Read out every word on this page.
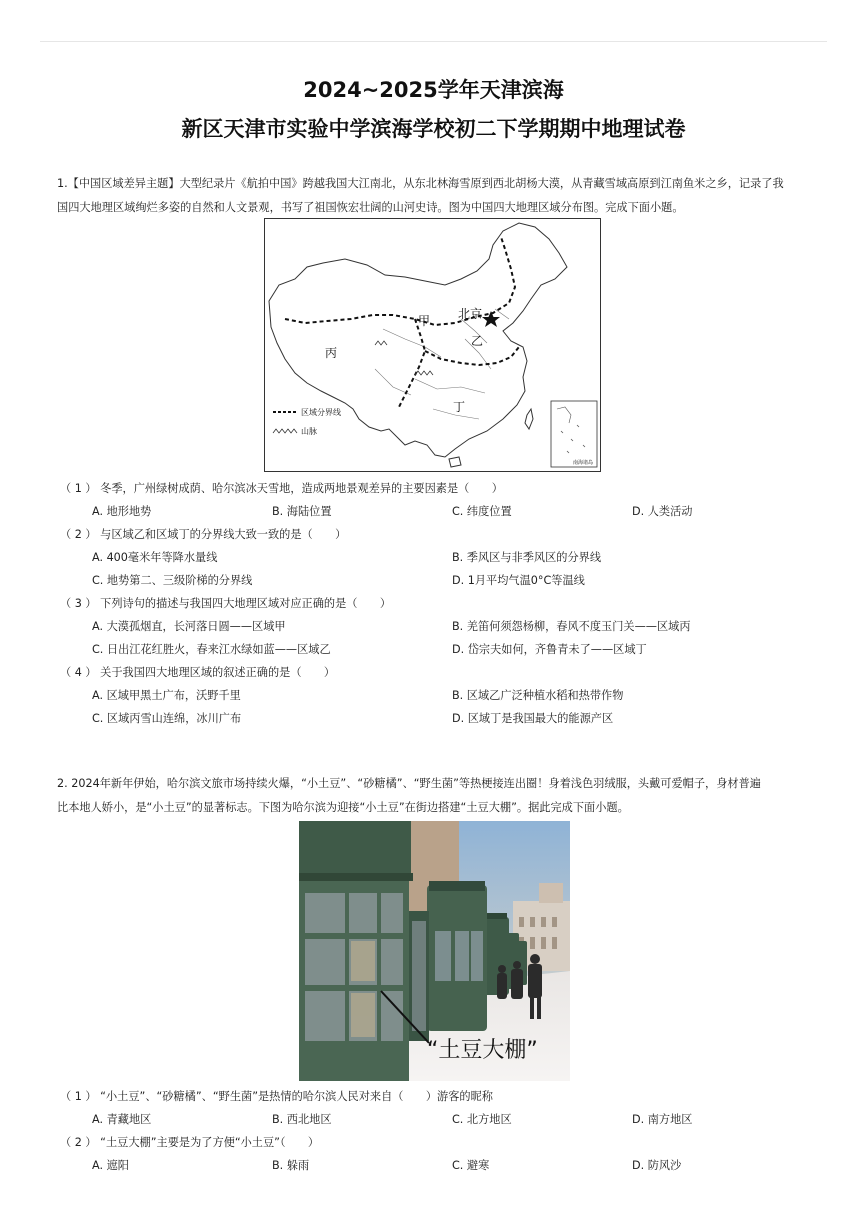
2024~2025学年天津滨海
新区天津市实验中学滨海学校初二下学期期中地理试卷
1.【中国区域差异主题】大型纪录片《航拍中国》跨越我国大江南北，从东北林海雪原到西北胡杨大漠，从青藏雪域高原到江南鱼米之乡，记录了我
国四大地理区域绚烂多姿的自然和人文景观，书写了祖国恢宏壮阔的山河史诗。图为中国四大地理区域分布图。完成下面小题。
甲 北京
乙
丙
丁
区域分界线
山脉
南海诸岛
（ 1 ） 冬季，广州绿树成荫、哈尔滨冰天雪地，造成两地景观差异的主要因素是（　　）
A. 地形地势	B. 海陆位置	C. 纬度位置	D. 人类活动
（ 2 ） 与区域乙和区域丁的分界线大致一致的是（　　）
A. 400毫米年等降水量线	B. 季风区与非季风区的分界线
C. 地势第二、三级阶梯的分界线	D. 1月平均气温0°C等温线
（ 3 ） 下列诗句的描述与我国四大地理区域对应正确的是（　　）
A. 大漠孤烟直，长河落日圆——区域甲	B. 羌笛何须怨杨柳，春风不度玉门关——区域丙
C. 日出江花红胜火，春来江水绿如蓝——区域乙	D. 岱宗夫如何，齐鲁青未了——区域丁
（ 4 ） 关于我国四大地理区域的叙述正确的是（　　）
A. 区域甲黑土广布，沃野千里	B. 区域乙广泛种植水稻和热带作物
C. 区域丙雪山连绵，冰川广布	D. 区域丁是我国最大的能源产区
2. 2024年新年伊始，哈尔滨文旅市场持续火爆，“小土豆”、“砂糖橘”、“野生菌”等热梗接连出圈！身着浅色羽绒服，头戴可爱帽子，身材普遍
比本地人娇小，是“小土豆”的显著标志。下图为哈尔滨为迎接“小土豆”在街边搭建“土豆大棚”。据此完成下面小题。
“土豆大棚”
（ 1 ） “小土豆”、“砂糖橘”、“野生菌”是热情的哈尔滨人民对来自（　　）游客的昵称
A. 青藏地区	B. 西北地区	C. 北方地区	D. 南方地区
（ 2 ） “土豆大棚”主要是为了方便“小土豆”（　　）
A. 遮阳	B. 躲雨	C. 避寒	D. 防风沙
